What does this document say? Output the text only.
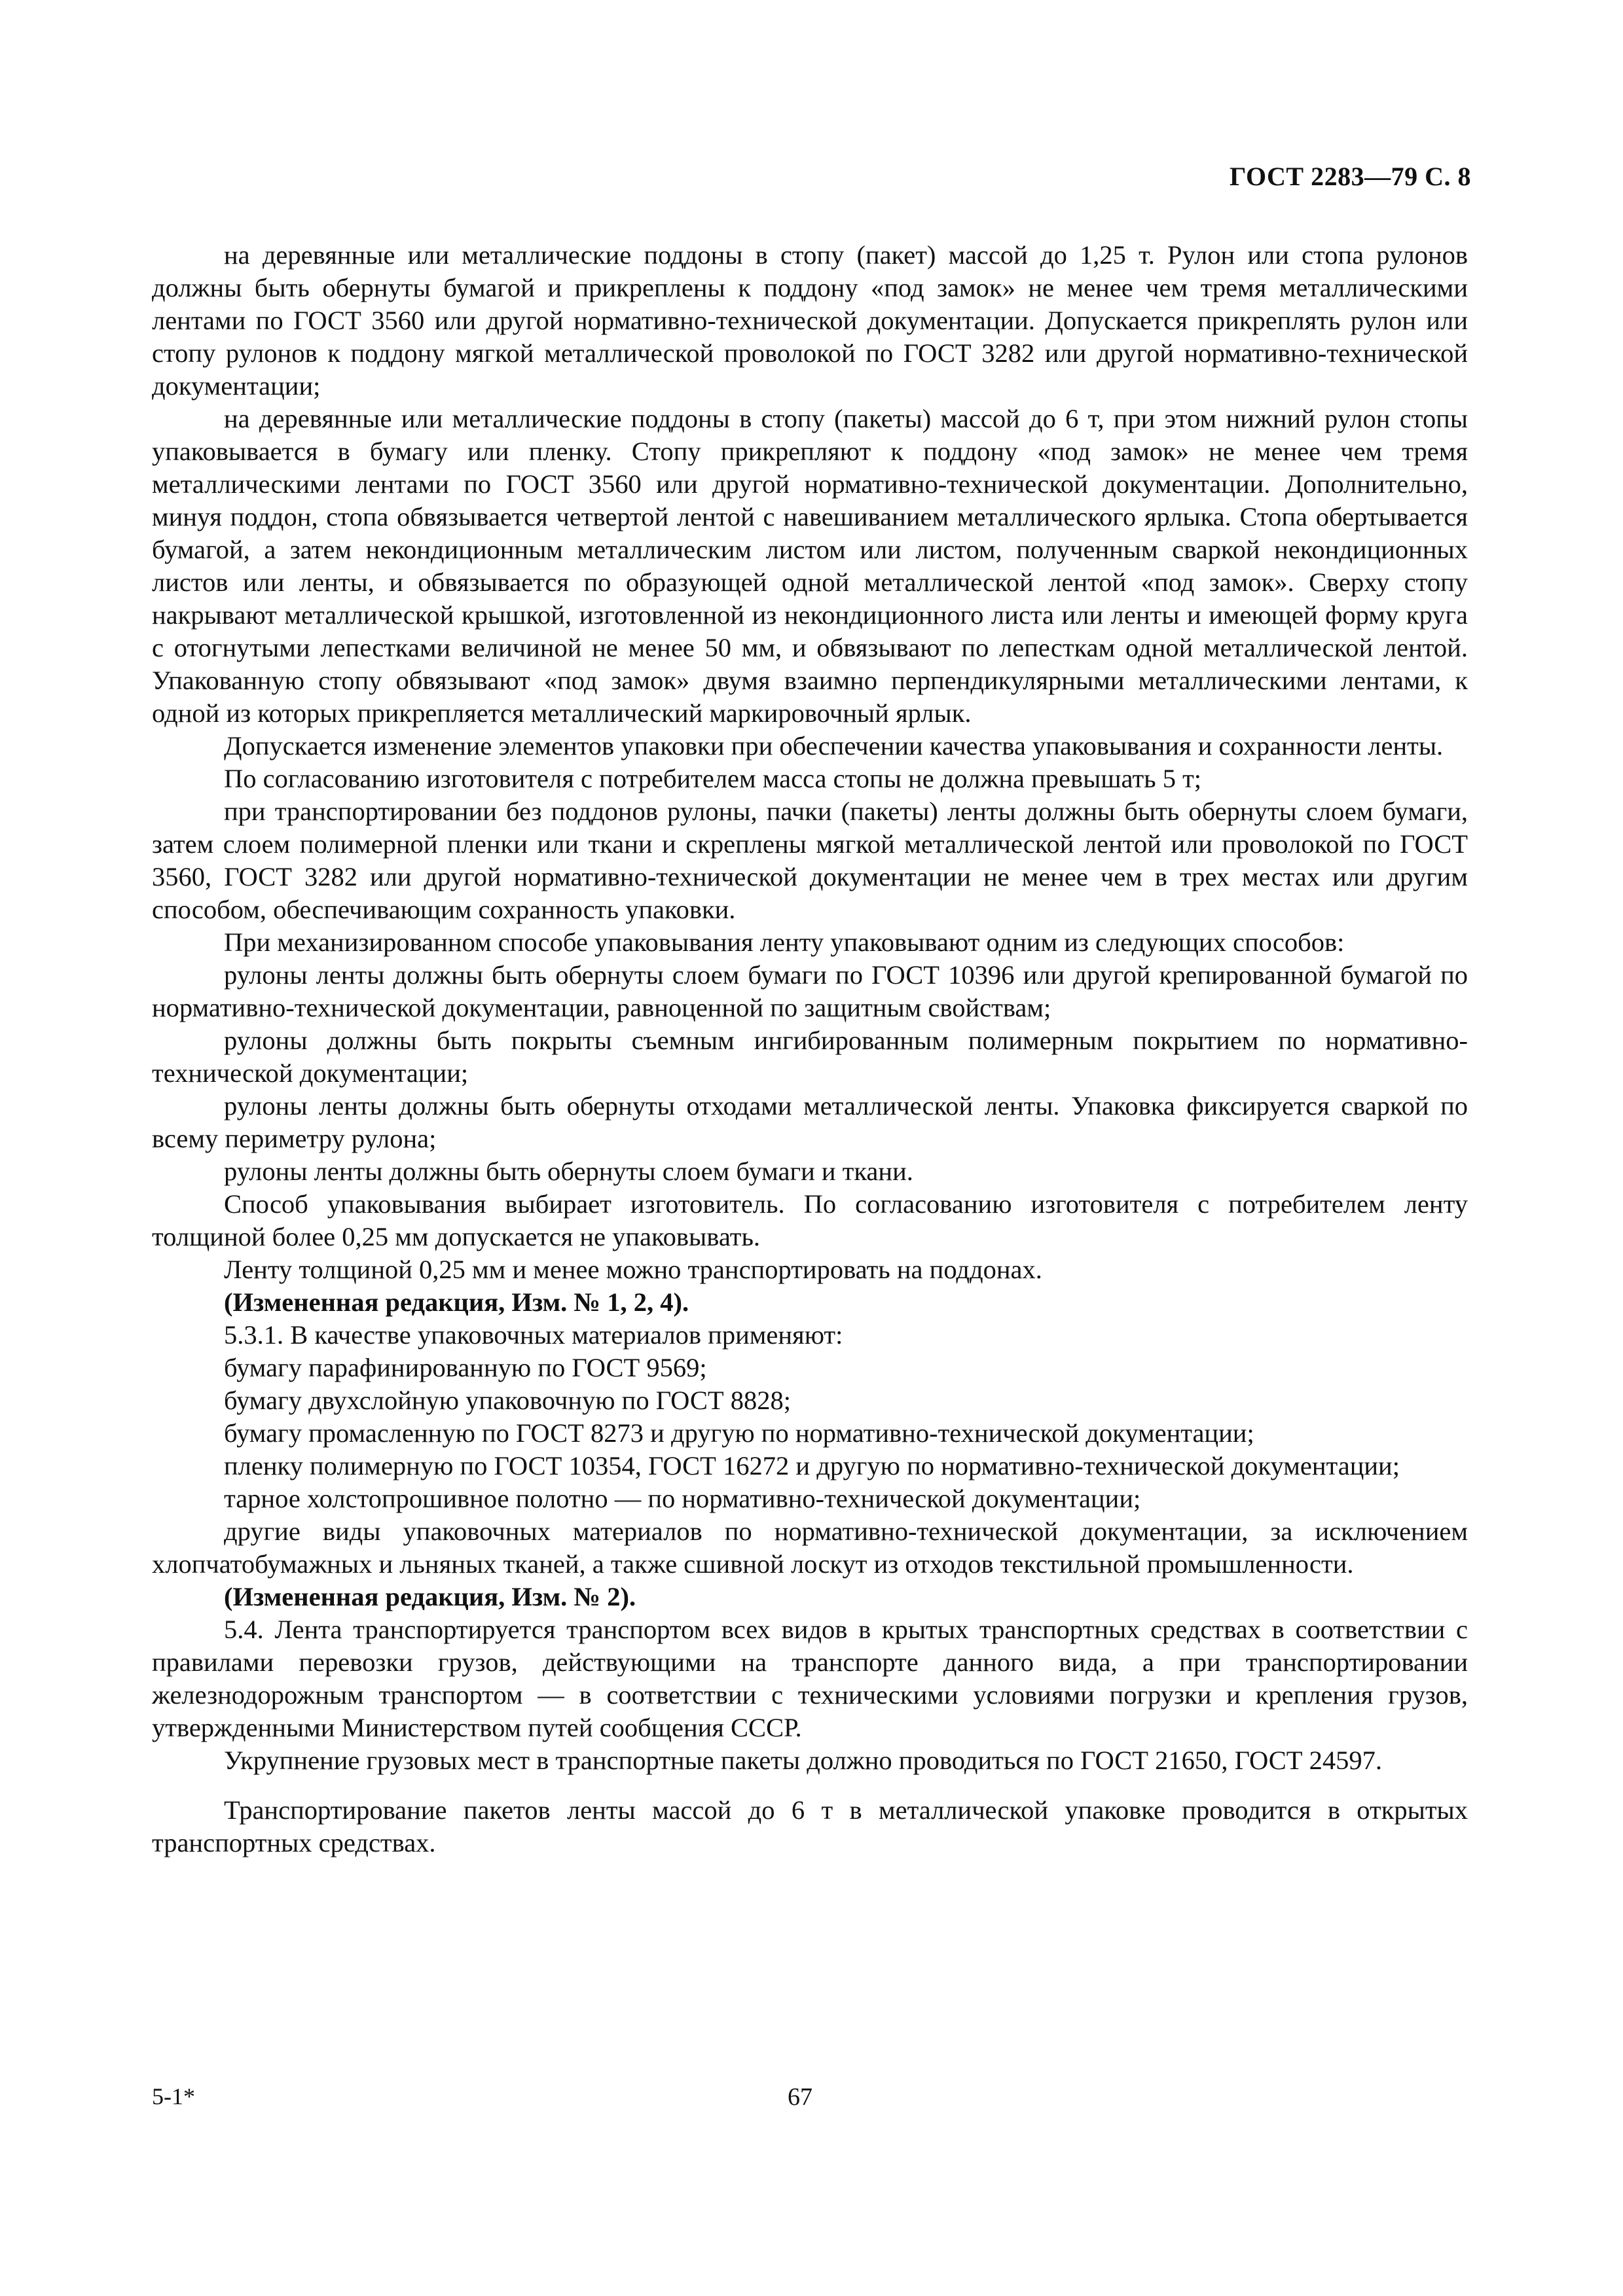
ГОСТ 2283—79 С. 8

на деревянные или металлические поддоны в стопу (пакет) массой до 1,25 т. Рулон или стопа рулонов должны быть обернуты бумагой и прикреплены к поддону «под замок» не менее чем тремя металлическими лентами по ГОСТ 3560 или другой нормативно-технической документации. Допускается прикреплять рулон или стопу рулонов к поддону мягкой металлической проволокой по ГОСТ 3282 или другой нормативно-технической документации;

на деревянные или металлические поддоны в стопу (пакеты) массой до 6 т, при этом нижний рулон стопы упаковывается в бумагу или пленку. Стопу прикрепляют к поддону «под замок» не менее чем тремя металлическими лентами по ГОСТ 3560 или другой нормативно-технической документации. Дополнительно, минуя поддон, стопа обвязывается четвертой лентой с навешиванием металлического ярлыка. Стопа обертывается бумагой, а затем некондиционным металлическим листом или листом, полученным сваркой некондиционных листов или ленты, и обвязывается по образующей одной металлической лентой «под замок». Сверху стопу накрывают металлической крышкой, изготовленной из некондиционного листа или ленты и имеющей форму круга с отогнутыми лепестками величиной не менее 50 мм, и обвязывают по лепесткам одной металлической лентой. Упакованную стопу обвязывают «под замок» двумя взаимно перпендикулярными металлическими лентами, к одной из которых прикрепляется металлический маркировочный ярлык.

Допускается изменение элементов упаковки при обеспечении качества упаковывания и сохранности ленты.

По согласованию изготовителя с потребителем масса стопы не должна превышать 5 т;

при транспортировании без поддонов рулоны, пачки (пакеты) ленты должны быть обернуты слоем бумаги, затем слоем полимерной пленки или ткани и скреплены мягкой металлической лентой или проволокой по ГОСТ 3560, ГОСТ 3282 или другой нормативно-технической документации не менее чем в трех местах или другим способом, обеспечивающим сохранность упаковки.

При механизированном способе упаковывания ленту упаковывают одним из следующих способов:

рулоны ленты должны быть обернуты слоем бумаги по ГОСТ 10396 или другой крепированной бумагой по нормативно-технической документации, равноценной по защитным свойствам;

рулоны должны быть покрыты съемным ингибированным полимерным покрытием по нормативно-технической документации;

рулоны ленты должны быть обернуты отходами металлической ленты. Упаковка фиксируется сваркой по всему периметру рулона;

рулоны ленты должны быть обернуты слоем бумаги и ткани.

Способ упаковывания выбирает изготовитель. По согласованию изготовителя с потребителем ленту толщиной более 0,25 мм допускается не упаковывать.

Ленту толщиной 0,25 мм и менее можно транспортировать на поддонах.

(Измененная редакция, Изм. № 1, 2, 4).

5.3.1. В качестве упаковочных материалов применяют:

бумагу парафинированную по ГОСТ 9569;

бумагу двухслойную упаковочную по ГОСТ 8828;

бумагу промасленную по ГОСТ 8273 и другую по нормативно-технической документации;

пленку полимерную по ГОСТ 10354, ГОСТ 16272 и другую по нормативно-технической документации;

тарное холстопрошивное полотно — по нормативно-технической документации;

другие виды упаковочных материалов по нормативно-технической документации, за исключением хлопчатобумажных и льняных тканей, а также сшивной лоскут из отходов текстильной промышленности.

(Измененная редакция, Изм. № 2).

5.4. Лента транспортируется транспортом всех видов в крытых транспортных средствах в соответствии с правилами перевозки грузов, действующими на транспорте данного вида, а при транспортировании железнодорожным транспортом — в соответствии с техническими условиями погрузки и крепления грузов, утвержденными Министерством путей сообщения СССР.

Укрупнение грузовых мест в транспортные пакеты должно проводиться по ГОСТ 21650, ГОСТ 24597.

Транспортирование пакетов ленты массой до 6 т в металлической упаковке проводится в открытых транспортных средствах.

5-1*	67
